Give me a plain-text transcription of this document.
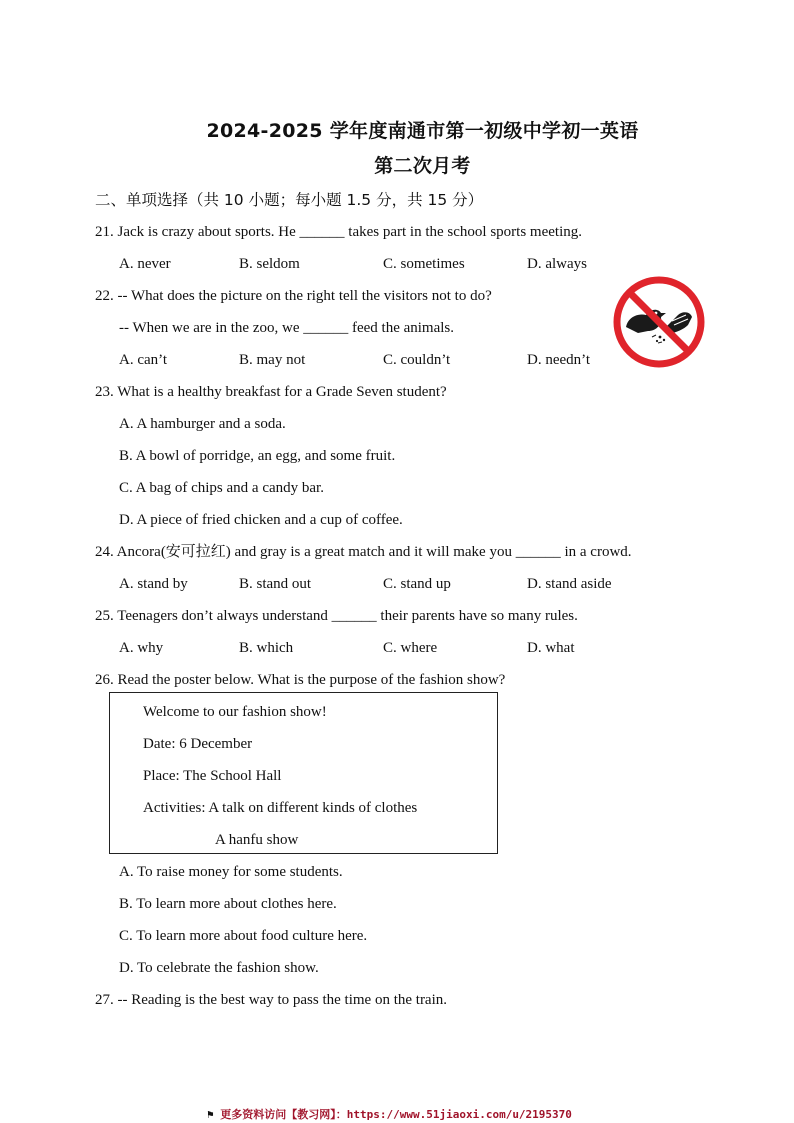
2024-2025 学年度南通市第一初级中学初一英语
第二次月考
二、单项选择（共 10 小题；每小题 1.5 分，共 15 分）
21. Jack is crazy about sports. He ______ takes part in the school sports meeting.
A. never	B. seldom	C. sometimes	D. always
22. -- What does the picture on the right tell the visitors not to do?
-- When we are in the zoo, we ______ feed the animals.
A. can’t	B. may not	C. couldn’t	D. needn’t
23. What is a healthy breakfast for a Grade Seven student?
A. A hamburger and a soda.
B. A bowl of porridge, an egg, and some fruit.
C. A bag of chips and a candy bar.
D. A piece of fried chicken and a cup of coffee.
24. Ancora(安可拉红) and gray is a great match and it will make you ______ in a crowd.
A. stand by	B. stand out	C. stand up	D. stand aside
25. Teenagers don’t always understand ______ their parents have so many rules.
A. why	B. which	C. where	D. what
26. Read the poster below. What is the purpose of the fashion show?
Welcome to our fashion show!
Date: 6 December
Place: The School Hall
Activities: A talk on different kinds of clothes
A hanfu show
A. To raise money for some students.
B. To learn more about clothes here.
C. To learn more about food culture here.
D. To celebrate the fashion show.
27. -- Reading is the best way to pass the time on the train.
⚑ 更多资料访问【教习网】：https://www.51jiaoxi.com/u/2195370
